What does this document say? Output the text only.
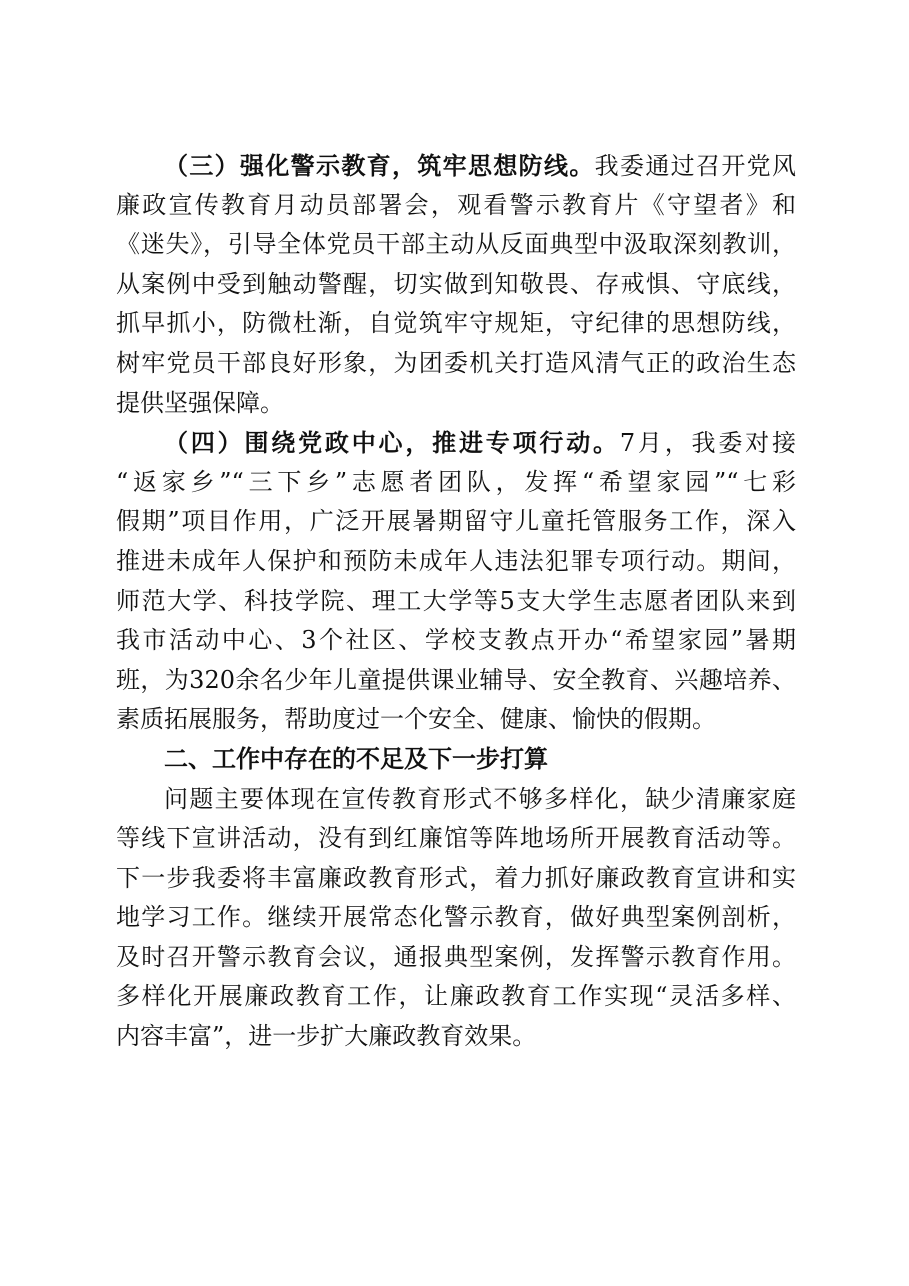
（三）强化警示教育，筑牢思想防线。我委通过召开党风
廉政宣传教育月动员部署会，观看警示教育片《守望者》和
《迷失》，引导全体党员干部主动从反面典型中汲取深刻教训，
从案例中受到触动警醒，切实做到知敬畏、存戒惧、守底线，
抓早抓小，防微杜渐，自觉筑牢守规矩，守纪律的思想防线，
树牢党员干部良好形象，为团委机关打造风清气正的政治生态
提供坚强保障。
（四）围绕党政中心，推进专项行动。7月，我委对接
“返家乡”“三下乡”志愿者团队，发挥“希望家园”“七彩
假期”项目作用，广泛开展暑期留守儿童托管服务工作，深入
推进未成年人保护和预防未成年人违法犯罪专项行动。期间，
师范大学、科技学院、理工大学等5支大学生志愿者团队来到
我市活动中心、3个社区、学校支教点开办“希望家园”暑期
班，为320余名少年儿童提供课业辅导、安全教育、兴趣培养、
素质拓展服务，帮助度过一个安全、健康、愉快的假期。
二、工作中存在的不足及下一步打算
问题主要体现在宣传教育形式不够多样化，缺少清廉家庭
等线下宣讲活动，没有到红廉馆等阵地场所开展教育活动等。
下一步我委将丰富廉政教育形式，着力抓好廉政教育宣讲和实
地学习工作。继续开展常态化警示教育，做好典型案例剖析，
及时召开警示教育会议，通报典型案例，发挥警示教育作用。
多样化开展廉政教育工作，让廉政教育工作实现“灵活多样、
内容丰富”，进一步扩大廉政教育效果。
